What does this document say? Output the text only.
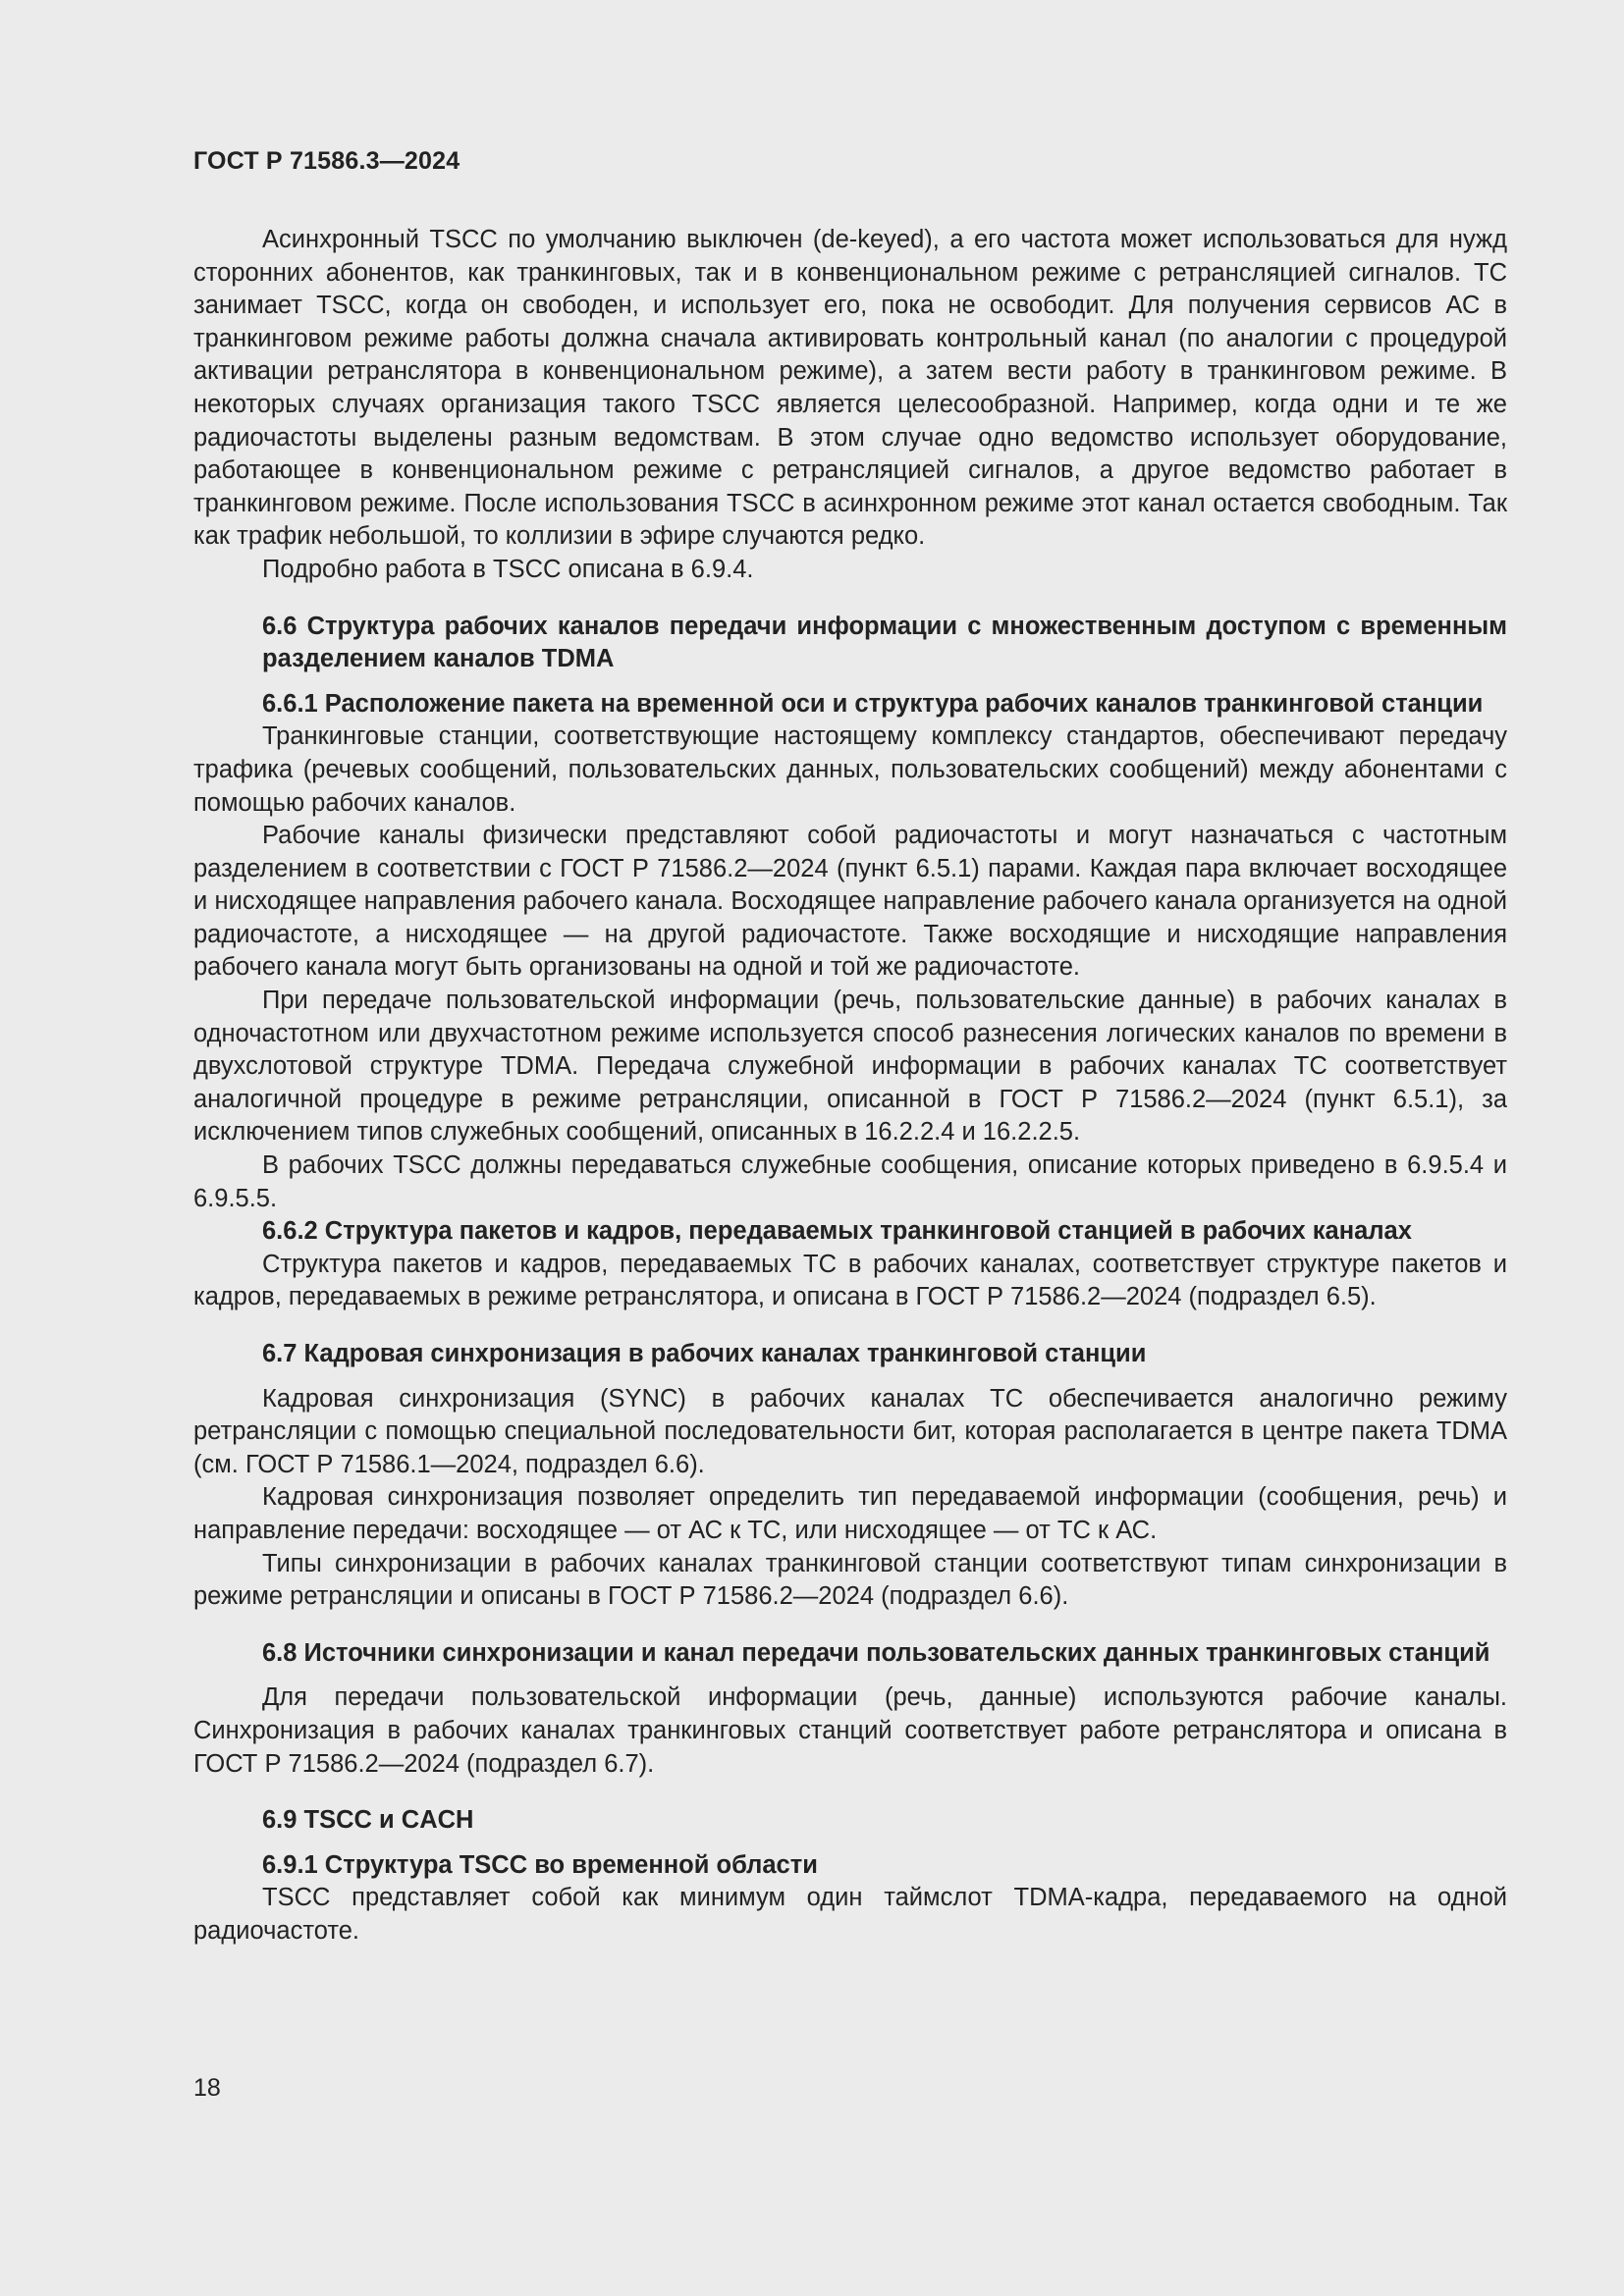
ГОСТ Р 71586.3—2024

Асинхронный TSCC по умолчанию выключен (de-keyed), а его частота может использоваться для нужд сторонних абонентов, как транкинговых, так и в конвенциональном режиме с ретрансляцией сигналов. ТС занимает TSCC, когда он свободен, и использует его, пока не освободит. Для получения сервисов АС в транкинговом режиме работы должна сначала активировать контрольный канал (по аналогии с процедурой активации ретранслятора в конвенциональном режиме), а затем вести работу в транкинговом режиме. В некоторых случаях организация такого TSCC является целесообразной. Например, когда одни и те же радиочастоты выделены разным ведомствам. В этом случае одно ведомство использует оборудование, работающее в конвенциональном режиме с ретрансляцией сигналов, а другое ведомство работает в транкинговом режиме. После использования TSCC в асинхронном режиме этот канал остается свободным. Так как трафик небольшой, то коллизии в эфире случаются редко.

Подробно работа в TSCC описана в 6.9.4.

6.6 Структура рабочих каналов передачи информации с множественным доступом с временным разделением каналов TDMA

6.6.1 Расположение пакета на временной оси и структура рабочих каналов транкинговой станции

Транкинговые станции, соответствующие настоящему комплексу стандартов, обеспечивают передачу трафика (речевых сообщений, пользовательских данных, пользовательских сообщений) между абонентами с помощью рабочих каналов.

Рабочие каналы физически представляют собой радиочастоты и могут назначаться с частотным разделением в соответствии с ГОСТ Р 71586.2—2024 (пункт 6.5.1) парами. Каждая пара включает восходящее и нисходящее направления рабочего канала. Восходящее направление рабочего канала организуется на одной радиочастоте, а нисходящее — на другой радиочастоте. Также восходящие и нисходящие направления рабочего канала могут быть организованы на одной и той же радиочастоте.

При передаче пользовательской информации (речь, пользовательские данные) в рабочих каналах в одночастотном или двухчастотном режиме используется способ разнесения логических каналов по времени в двухслотовой структуре TDMA. Передача служебной информации в рабочих каналах ТС соответствует аналогичной процедуре в режиме ретрансляции, описанной в ГОСТ Р 71586.2—2024 (пункт 6.5.1), за исключением типов служебных сообщений, описанных в 16.2.2.4 и 16.2.2.5.

В рабочих TSCC должны передаваться служебные сообщения, описание которых приведено в 6.9.5.4 и 6.9.5.5.

6.6.2 Структура пакетов и кадров, передаваемых транкинговой станцией в рабочих каналах

Структура пакетов и кадров, передаваемых ТС в рабочих каналах, соответствует структуре пакетов и кадров, передаваемых в режиме ретранслятора, и описана в ГОСТ Р 71586.2—2024 (подраздел 6.5).

6.7 Кадровая синхронизация в рабочих каналах транкинговой станции

Кадровая синхронизация (SYNC) в рабочих каналах ТС обеспечивается аналогично режиму ретрансляции с помощью специальной последовательности бит, которая располагается в центре пакета TDMA (см. ГОСТ Р 71586.1—2024, подраздел 6.6).

Кадровая синхронизация позволяет определить тип передаваемой информации (сообщения, речь) и направление передачи: восходящее — от АС к ТС, или нисходящее — от ТС к АС.

Типы синхронизации в рабочих каналах транкинговой станции соответствуют типам синхронизации в режиме ретрансляции и описаны в ГОСТ Р 71586.2—2024 (подраздел 6.6).

6.8 Источники синхронизации и канал передачи пользовательских данных транкинговых станций

Для передачи пользовательской информации (речь, данные) используются рабочие каналы. Синхронизация в рабочих каналах транкинговых станций соответствует работе ретранслятора и описана в ГОСТ Р 71586.2—2024 (подраздел 6.7).

6.9 TSCC и CACH

6.9.1 Структура TSCC во временной области

TSCC представляет собой как минимум один таймслот TDMA-кадра, передаваемого на одной радиочастоте.

18
